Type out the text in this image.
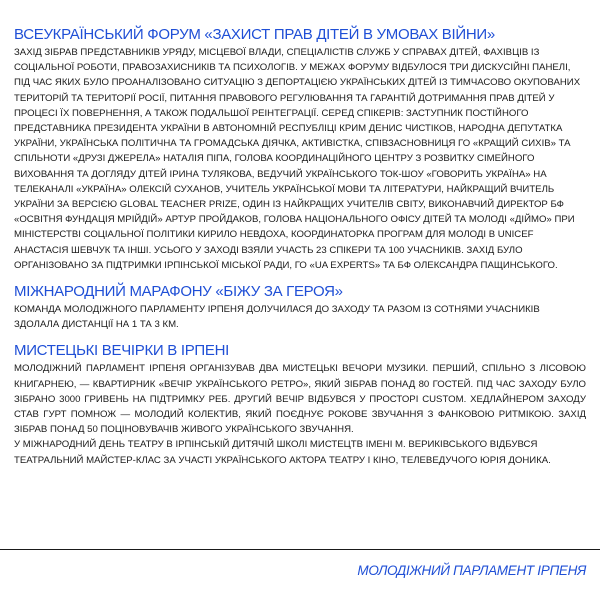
ВСЕУКРАЇНСЬКИЙ ФОРУМ «ЗАХИСТ ПРАВ ДІТЕЙ В УМОВАХ ВІЙНИ»

ЗАХІД ЗІБРАВ ПРЕДСТАВНИКІВ УРЯДУ, МІСЦЕВОЇ ВЛАДИ, СПЕЦІАЛІСТІВ СЛУЖБ У СПРАВАХ ДІТЕЙ, ФАХІВЦІВ ІЗ СОЦІАЛЬНОЇ РОБОТИ, ПРАВОЗАХИСНИКІВ ТА ПСИХОЛОГІВ. У МЕЖАХ ФОРУМУ ВІДБУЛОСЯ ТРИ ДИСКУСІЙНІ ПАНЕЛІ, ПІД ЧАС ЯКИХ БУЛО ПРОАНАЛІЗОВАНО СИТУАЦІЮ З ДЕПОРТАЦІЄЮ УКРАЇНСЬКИХ ДІТЕЙ ІЗ ТИМЧАСОВО ОКУПОВАНИХ ТЕРИТОРІЙ ТА ТЕРИТОРІЇ РОСІЇ, ПИТАННЯ ПРАВОВОГО РЕГУЛЮВАННЯ ТА ГАРАНТІЙ ДОТРИМАННЯ ПРАВ ДІТЕЙ У ПРОЦЕСІ ЇХ ПОВЕРНЕННЯ, А ТАКОЖ ПОДАЛЬШОЇ РЕІНТЕГРАЦІЇ. СЕРЕД СПІКЕРІВ: ЗАСТУПНИК ПОСТІЙНОГО ПРЕДСТАВНИКА ПРЕЗИДЕНТА УКРАЇНИ В АВТОНОМНІЙ РЕСПУБЛІЦІ КРИМ ДЕНИС ЧИСТІКОВ, НАРОДНА ДЕПУТАТКА УКРАЇНИ, УКРАЇНСЬКА ПОЛІТИЧНА ТА ГРОМАДСЬКА ДІЯЧКА, АКТИВІСТКА, СПІВЗАСНОВНИЦЯ ГО «КРАЩИЙ СИХІВ» ТА СПІЛЬНОТИ «ДРУЗІ ДЖЕРЕЛА» НАТАЛІЯ ПІПА, ГОЛОВА КООРДИНАЦІЙНОГО ЦЕНТРУ З РОЗВИТКУ СІМЕЙНОГО ВИХОВАННЯ ТА ДОГЛЯДУ ДІТЕЙ ІРИНА ТУЛЯКОВА, ВЕДУЧИЙ УКРАЇНСЬКОГО ТОК-ШОУ «ГОВОРИТЬ УКРАЇНА» НА ТЕЛЕКАНАЛІ «УКРАЇНА» ОЛЕКСІЙ СУХАНОВ, УЧИТЕЛЬ УКРАЇНСЬКОЇ МОВИ ТА ЛІТЕРАТУРИ, НАЙКРАЩИЙ ВЧИТЕЛЬ УКРАЇНИ ЗА ВЕРСІЄЮ GLOBAL TEACHER PRIZE, ОДИН ІЗ НАЙКРАЩИХ УЧИТЕЛІВ СВІТУ, ВИКОНАВЧИЙ ДИРЕКТОР БФ «ОСВІТНЯ ФУНДАЦІЯ МРІЙДІЙ» АРТУР ПРОЙДАКОВ, ГОЛОВА НАЦІОНАЛЬНОГО ОФІСУ ДІТЕЙ ТА МОЛОДІ «ДІЙМО» ПРИ МІНІСТЕРСТВІ СОЦІАЛЬНОЇ ПОЛІТИКИ КИРИЛО НЕВДОХА, КООРДИНАТОРКА ПРОГРАМ ДЛЯ МОЛОДІ В UNICEF АНАСТАСІЯ ШЕВЧУК ТА ІНШІ. УСЬОГО У ЗАХОДІ ВЗЯЛИ УЧАСТЬ 23 СПІКЕРИ ТА 100 УЧАСНИКІВ. ЗАХІД БУЛО ОРГАНІЗОВАНО ЗА ПІДТРИМКИ ІРПІНСЬКОЇ МІСЬКОЇ РАДИ, ГО «UA EXPERTS» ТА БФ ОЛЕКСАНДРА ПАЩИНСЬКОГО.

МІЖНАРОДНИЙ МАРАФОНУ «БІЖУ ЗА ГЕРОЯ»

КОМАНДА МОЛОДІЖНОГО ПАРЛАМЕНТУ ІРПЕНЯ ДОЛУЧИЛАСЯ ДО ЗАХОДУ ТА РАЗОМ ІЗ СОТНЯМИ УЧАСНИКІВ ЗДОЛАЛА ДИСТАНЦІЇ НА 1 ТА 3 КМ.

МИСТЕЦЬКІ ВЕЧІРКИ В ІРПЕНІ

МОЛОДІЖНИЙ ПАРЛАМЕНТ ІРПЕНЯ ОРГАНІЗУВАВ ДВА МИСТЕЦЬКІ ВЕЧОРИ МУЗИКИ. ПЕРШИЙ, СПІЛЬНО З ЛІСОВОЮ КНИГАРНЕЮ, — КВАРТИРНИК «ВЕЧІР УКРАЇНСЬКОГО РЕТРО», ЯКИЙ ЗІБРАВ ПОНАД 80 ГОСТЕЙ. ПІД ЧАС ЗАХОДУ БУЛО ЗІБРАНО 3000 ГРИВЕНЬ НА ПІДТРИМКУ РЕБ. ДРУГИЙ ВЕЧІР ВІДБУВСЯ У ПРОСТОРІ CUSTOM. ХЕДЛАЙНЕРОМ ЗАХОДУ СТАВ ГУРТ ПОМНОЖ — МОЛОДИЙ КОЛЕКТИВ, ЯКИЙ ПОЄДНУЄ РОКОВЕ ЗВУЧАННЯ З ФАНКОВОЮ РИТМІКОЮ. ЗАХІД ЗІБРАВ ПОНАД 50 ПОЦІНОВУВАЧІВ ЖИВОГО УКРАЇНСЬКОГО ЗВУЧАННЯ.

У МІЖНАРОДНИЙ ДЕНЬ ТЕАТРУ В ІРПІНСЬКІЙ ДИТЯЧІЙ ШКОЛІ МИСТЕЦТВ ІМЕНІ М. ВЕРИКІВСЬКОГО ВІДБУВСЯ ТЕАТРАЛЬНИЙ МАЙСТЕР-КЛАС ЗА УЧАСТІ УКРАЇНСЬКОГО АКТОРА ТЕАТРУ І КІНО, ТЕЛЕВЕДУЧОГО ЮРІЯ ДОНИКА.

МОЛОДІЖНИЙ ПАРЛАМЕНТ ІРПЕНЯ
